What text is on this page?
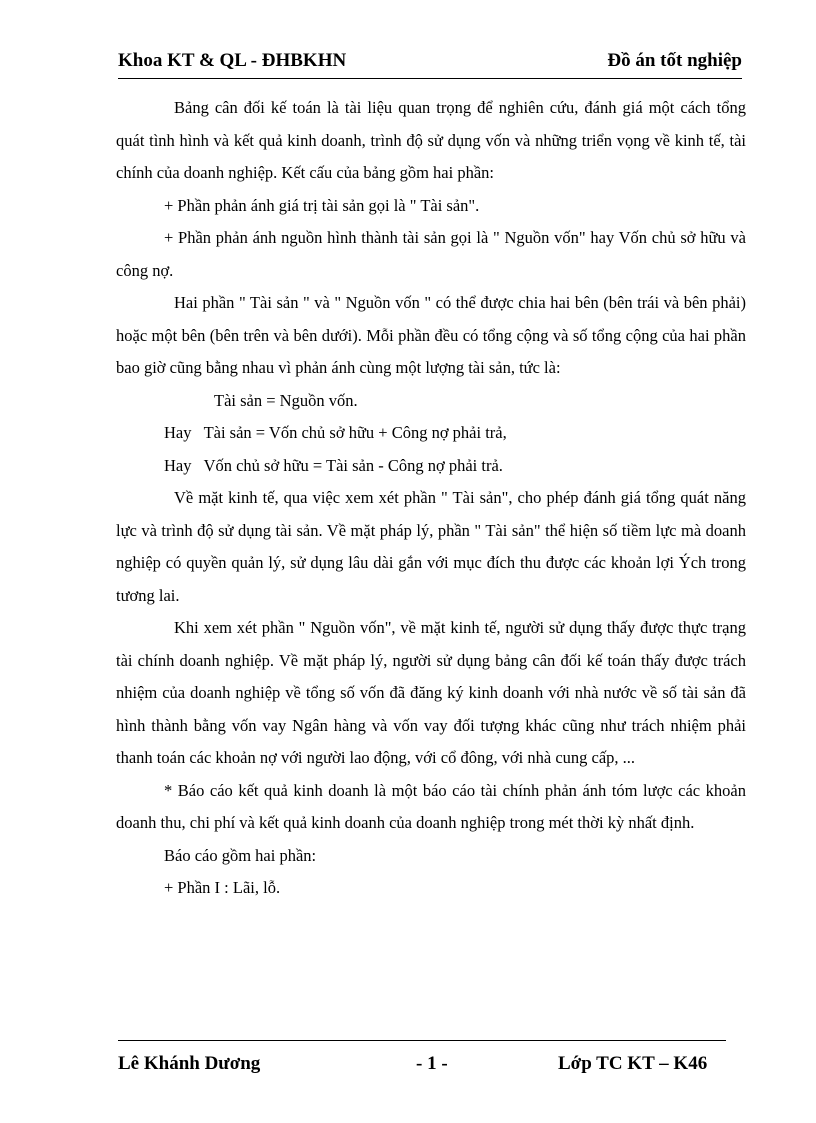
Khoa KT & QL - ĐHBKHN	Đồ án tốt nghiệp

Bảng cân đối kế toán là tài liệu quan trọng để nghiên cứu, đánh giá một cách tổng quát tình hình và kết quả kinh doanh, trình độ sử dụng vốn và những triển vọng về kinh tế, tài chính của doanh nghiệp. Kết cấu của bảng gồm hai phần:

+ Phần phản ánh giá trị tài sản gọi là " Tài sản".

+ Phần phản ánh nguồn hình thành tài sản gọi là " Nguồn vốn" hay Vốn chủ sở hữu và công nợ.

Hai phần " Tài sản " và " Nguồn vốn " có thể được chia hai bên (bên trái và bên phải) hoặc một bên (bên trên và bên dưới). Mỗi phần đều có tổng cộng và số tổng cộng của hai phần bao giờ cũng bằng nhau vì phản ánh cùng một lượng tài sản, tức là:

Tài sản = Nguồn vốn.

Hay   Tài sản = Vốn chủ sở hữu + Công nợ phải trả,

Hay   Vốn chủ sở hữu = Tài sản - Công nợ phải trả.

Về mặt kinh tế, qua việc xem xét phần " Tài sản", cho phép đánh giá tổng quát năng lực và trình độ sử dụng tài sản. Về mặt pháp lý, phần " Tài sản" thể hiện số tiềm lực mà doanh nghiệp có quyền quản lý, sử dụng lâu dài gắn với mục đích thu được các khoản lợi Ých trong tương lai.

Khi xem xét phần " Nguồn vốn", về mặt kinh tế, người sử dụng thấy được thực trạng tài chính doanh nghiệp. Về mặt pháp lý, người sử dụng bảng cân đối kế toán thấy được trách nhiệm của doanh nghiệp về tổng số vốn đã đăng ký kinh doanh với nhà nước về số tài sản đã hình thành bằng vốn vay Ngân hàng và vốn vay đối tượng khác cũng như trách nhiệm phải thanh toán các khoản nợ với người lao động, với cổ đông, với nhà cung cấp, ...

* Báo cáo kết quả kinh doanh là một báo cáo tài chính phản ánh tóm lược các khoản doanh thu, chi phí và kết quả kinh doanh của doanh nghiệp trong mét thời kỳ nhất định.

Báo cáo gồm hai phần:

+ Phần I : Lãi, lỗ.

Lê Khánh Dương	- 1 -	Lớp TC KT – K46
